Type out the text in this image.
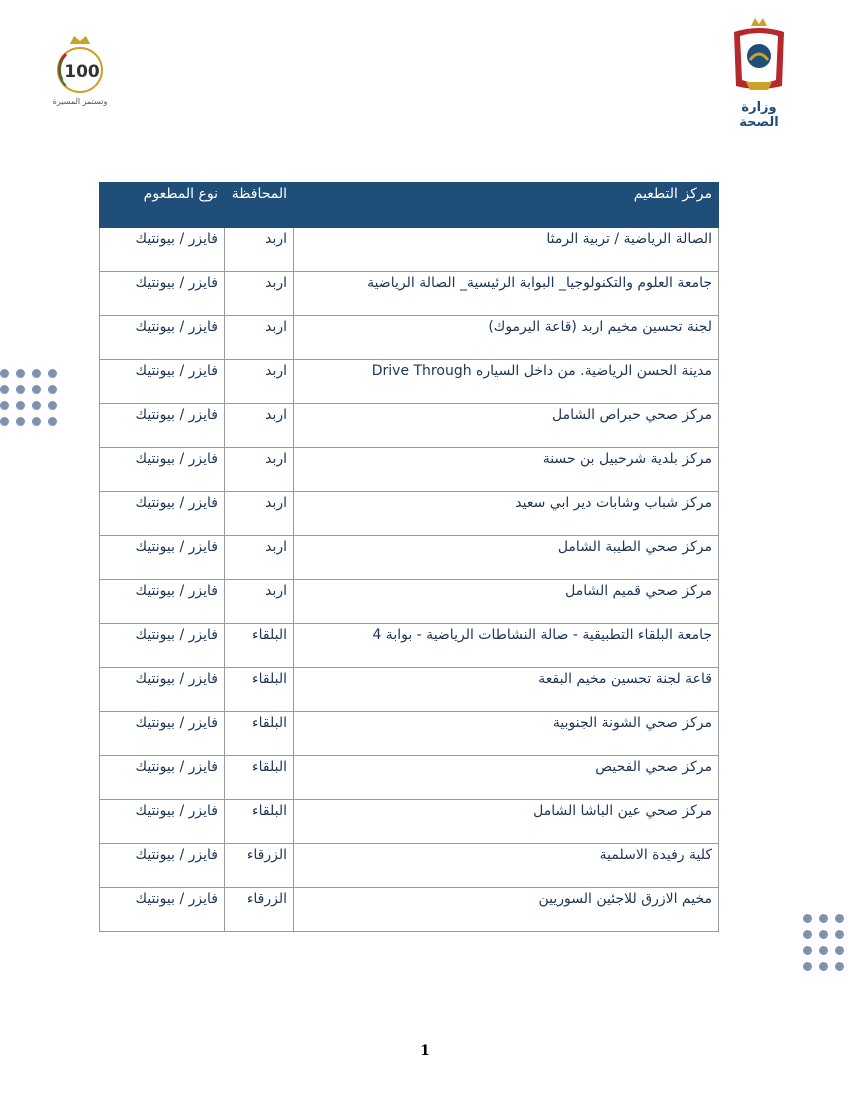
100
وتستمر المسيرة	وزارة الصحة
مركز التطعيم	المحافظة	نوع المطعوم
الصالة الرياضية / تربية الرمثا	اربد	فايزر / بيونتيك
جامعة العلوم والتكنولوجيا_ البوابة الرئيسية_ الصالة الرياضية	اربد	فايزر / بيونتيك
لجنة تحسين مخيم اربد (قاعة اليرموك)	اربد	فايزر / بيونتيك
مدينة الحسن الرياضية. من داخل السياره Drive Through	اربد	فايزر / بيونتيك
مركز صحي حبراص الشامل	اربد	فايزر / بيونتيك
مركز بلدية شرحبيل بن حسنة	اربد	فايزر / بيونتيك
مركز شباب وشابات دير ابي سعيد	اربد	فايزر / بيونتيك
مركز صحي الطيبة الشامل	اربد	فايزر / بيونتيك
مركز صحي قميم الشامل	اربد	فايزر / بيونتيك
جامعة البلقاء التطبيقية - صالة النشاطات الرياضية - بوابة 4	البلقاء	فايزر / بيونتيك
قاعة لجنة تحسين مخيم البقعة	البلقاء	فايزر / بيونتيك
مركز صحي الشونة الجنوبية	البلقاء	فايزر / بيونتيك
مركز صحي الفحيص	البلقاء	فايزر / بيونتيك
مركز صحي عين الباشا الشامل	البلقاء	فايزر / بيونتيك
كلية رفيدة الاسلمية	الزرقاء	فايزر / بيونتيك
مخيم الازرق للاجئين السوريين	الزرقاء	فايزر / بيونتيك
1
